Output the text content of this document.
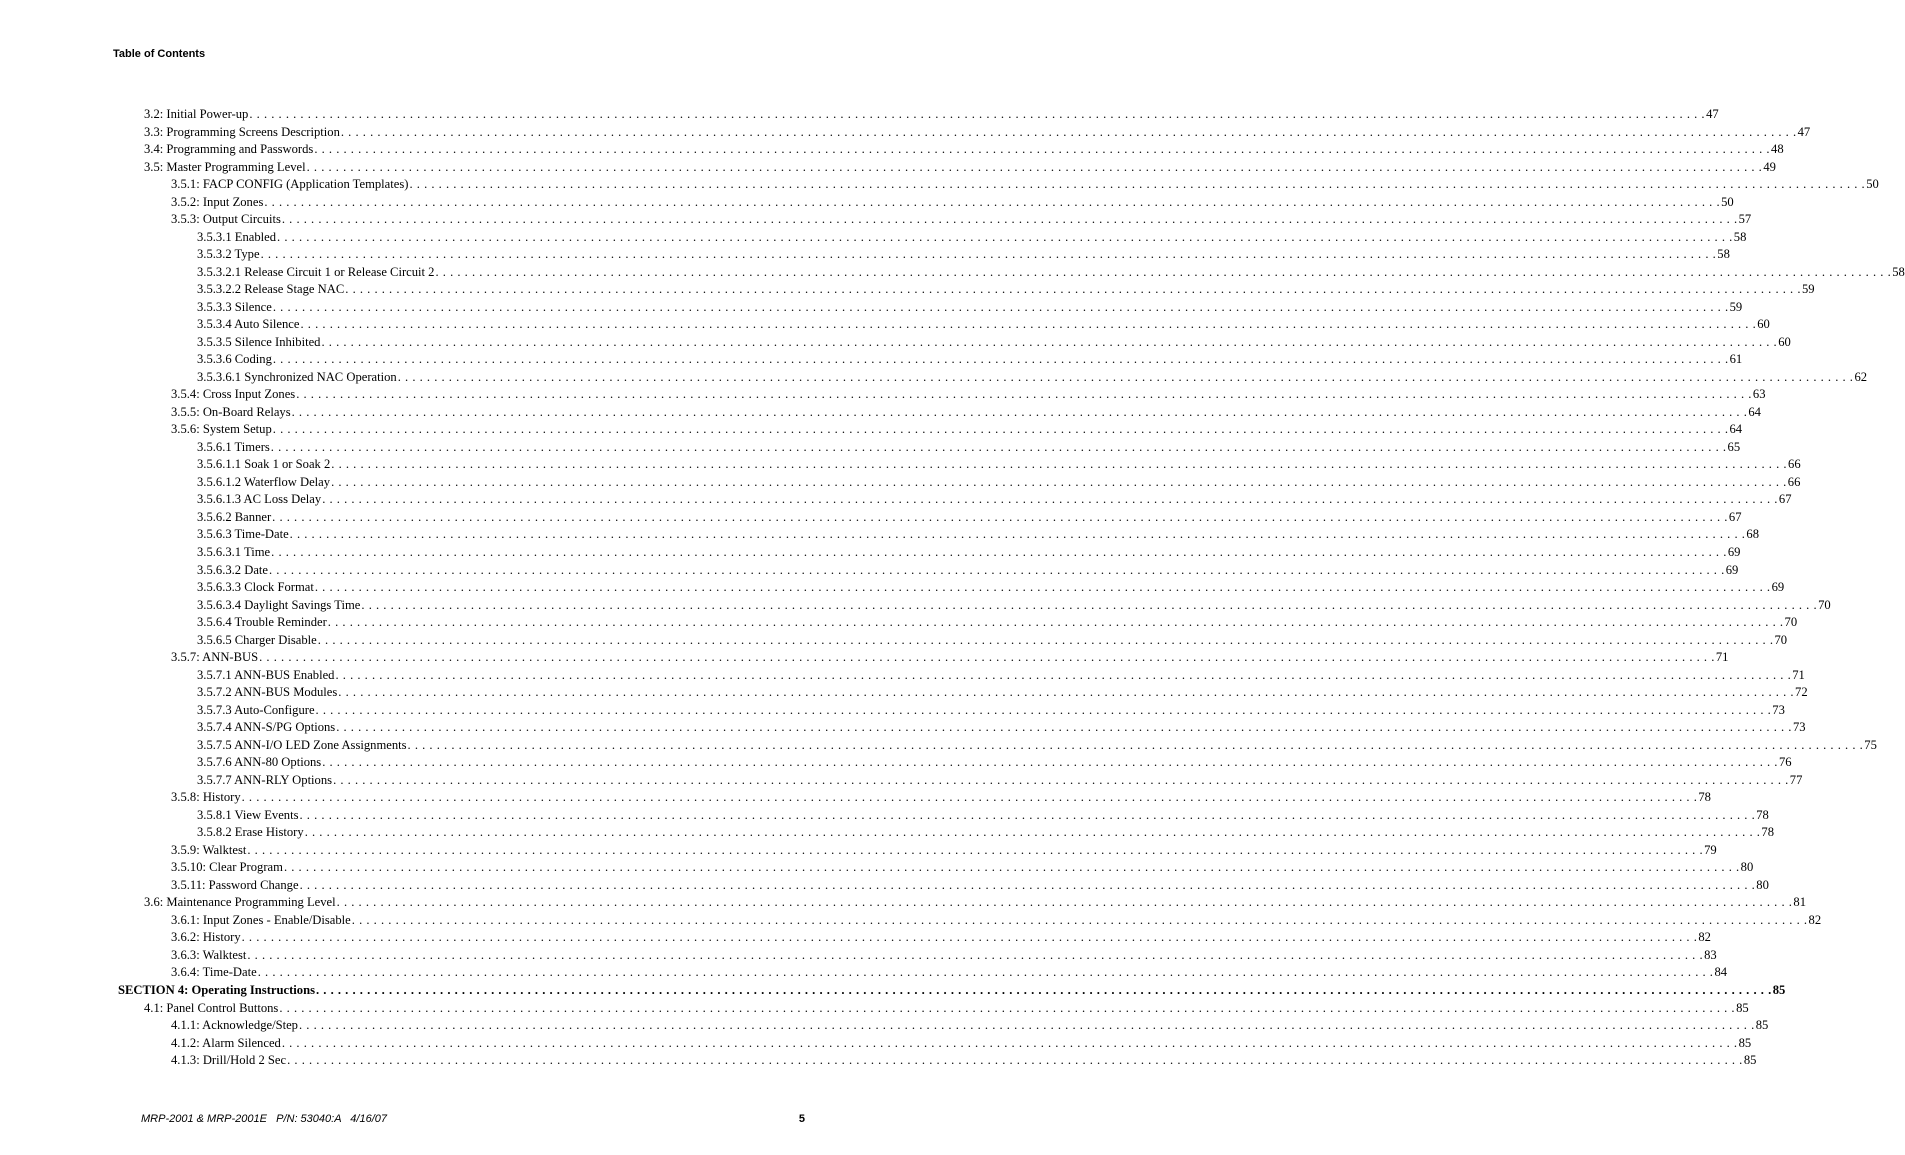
Table of Contents
3.2: Initial Power-up . . . . . . . . . . . . . . . . . . . . . . . . . . . . . . . . . . . . . . . . . . . . . . . . . . . . . . . . . . . . . . . . . . . . . . . . . . . . . . . . . . . . . . . . . . . . . . . . . . . . . . . . . . . . . . . . . . . . . . . . . . . . . . . . . . . . . . . . . . . . . . . . . . . . . . . . . . . . . . . . . . . . . . . . . . . . . . . . . . . . . . . . . . . . . . . . . . . . . . . . 47
3.3: Programming Screens Description . . . . . . . . . . . . . . . . . . . . . . . . . . . . . . . . . . . . . . . . . . . . . . . . . . . . . . . . . . . . . . . . . . . . . . . . . . . . . . . . . . . . . . . . . . . . . . . . . . . . . . . . . . . . . . . . . . . . . . . . . . . . . . . . . . . . . . . . . . . . . . . . . . . . . . . . . . . . . . . . . . . . . . . . . . . . . . . . . . . . . . . . . . . . . . . . . . . . . . . . 47
3.4: Programming and Passwords . . . . . . . . . . . . . . . . . . . . . . . . . . . . . . . . . . . . . . . . . . . . . . . . . . . . . . . . . . . . . . . . . . . . . . . . . . . . . . . . . . . . . . . . . . . . . . . . . . . . . . . . . . . . . . . . . . . . . . . . . . . . . . . . . . . . . . . . . . . . . . . . . . . . . . . . . . . . . . . . . . . . . . . . . . . . . . . . . . . . . . . . . . . . . . . . . . . . . . . . 48
3.5: Master Programming Level . . . . . . . . . . . . . . . . . . . . . . . . . . . . . . . . . . . . . . . . . . . . . . . . . . . . . . . . . . . . . . . . . . . . . . . . . . . . . . . . . . . . . . . . . . . . . . . . . . . . . . . . . . . . . . . . . . . . . . . . . . . . . . . . . . . . . . . . . . . . . . . . . . . . . . . . . . . . . . . . . . . . . . . . . . . . . . . . . . . . . . . . . . . . . . . . . . . . . . . . 49
3.5.1: FACP CONFIG (Application Templates) . . . . . . . . . . . . . . . . . . . . . . . . . . . . . . . . . . . . . . . . . . . . . . . . . . . . . . . . . . . . . . . . . . . . . . . . . . . . . . . . . . . . . . . . . . . . . . . . . . . . . . . . . . . . . . . . . . . . . . . . . . . . . . . . . . . . . . . . . . . . . . . . . . . . . . . . . . . . . . . . . . . . . . . . . . . . . . . . . . . . . . . . . . . . . . . . . . . . . . . . 50
3.5.2: Input Zones . . . . . . . . . . . . . . . . . . . . . . . . . . . . . . . . . . . . . . . . . . . . . . . . . . . . . . . . . . . . . . . . . . . . . . . . . . . . . . . . . . . . . . . . . . . . . . . . . . . . . . . . . . . . . . . . . . . . . . . . . . . . . . . . . . . . . . . . . . . . . . . . . . . . . . . . . . . . . . . . . . . . . . . . . . . . . . . . . . . . . . . . . . . . . . . . . . . . . . . . 50
3.5.3: Output Circuits . . . . . . . . . . . . . . . . . . . . . . . . . . . . . . . . . . . . . . . . . . . . . . . . . . . . . . . . . . . . . . . . . . . . . . . . . . . . . . . . . . . . . . . . . . . . . . . . . . . . . . . . . . . . . . . . . . . . . . . . . . . . . . . . . . . . . . . . . . . . . . . . . . . . . . . . . . . . . . . . . . . . . . . . . . . . . . . . . . . . . . . . . . . . . . . . . . . . . . . . 57
3.5.3.1 Enabled . . . . . . . . . . . . . . . . . . . . . . . . . . . . . . . . . . . . . . . . . . . . . . . . . . . . . . . . . . . . . . . . . . . . . . . . . . . . . . . . . . . . . . . . . . . . . . . . . . . . . . . . . . . . . . . . . . . . . . . . . . . . . . . . . . . . . . . . . . . . . . . . . . . . . . . . . . . . . . . . . . . . . . . . . . . . . . . . . . . . . . . . . . . . . . . . . . . . . . . . 58
3.5.3.2 Type . . . . . . . . . . . . . . . . . . . . . . . . . . . . . . . . . . . . . . . . . . . . . . . . . . . . . . . . . . . . . . . . . . . . . . . . . . . . . . . . . . . . . . . . . . . . . . . . . . . . . . . . . . . . . . . . . . . . . . . . . . . . . . . . . . . . . . . . . . . . . . . . . . . . . . . . . . . . . . . . . . . . . . . . . . . . . . . . . . . . . . . . . . . . . . . . . . . . . . . . 58
3.5.3.2.1 Release Circuit 1 or Release Circuit 2 . . . . . . . . . . . . . . . . . . . . . . . . . . . . . . . . . . . . . . . . . . . . . . . . . . . . . . . . . . . . . . . . . . . . . . . . . . . . . . . . . . . . . . . . . . . . . . . . . . . . . . . . . . . . . . . . . . . . . . . . . . . . . . . . . . . . . . . . . . . . . . . . . . . . . . . . . . . . . . . . . . . . . . . . . . . . . . . . . . . . . . . . . . . . . . . . . . . . . . . . 58
3.5.3.2.2 Release Stage NAC . . . . . . . . . . . . . . . . . . . . . . . . . . . . . . . . . . . . . . . . . . . . . . . . . . . . . . . . . . . . . . . . . . . . . . . . . . . . . . . . . . . . . . . . . . . . . . . . . . . . . . . . . . . . . . . . . . . . . . . . . . . . . . . . . . . . . . . . . . . . . . . . . . . . . . . . . . . . . . . . . . . . . . . . . . . . . . . . . . . . . . . . . . . . . . . . . . . . . . . . 59
3.5.3.3 Silence . . . . . . . . . . . . . . . . . . . . . . . . . . . . . . . . . . . . . . . . . . . . . . . . . . . . . . . . . . . . . . . . . . . . . . . . . . . . . . . . . . . . . . . . . . . . . . . . . . . . . . . . . . . . . . . . . . . . . . . . . . . . . . . . . . . . . . . . . . . . . . . . . . . . . . . . . . . . . . . . . . . . . . . . . . . . . . . . . . . . . . . . . . . . . . . . . . . . . . . . 59
3.5.3.4 Auto Silence . . . . . . . . . . . . . . . . . . . . . . . . . . . . . . . . . . . . . . . . . . . . . . . . . . . . . . . . . . . . . . . . . . . . . . . . . . . . . . . . . . . . . . . . . . . . . . . . . . . . . . . . . . . . . . . . . . . . . . . . . . . . . . . . . . . . . . . . . . . . . . . . . . . . . . . . . . . . . . . . . . . . . . . . . . . . . . . . . . . . . . . . . . . . . . . . . . . . . . . . 60
3.5.3.5 Silence Inhibited . . . . . . . . . . . . . . . . . . . . . . . . . . . . . . . . . . . . . . . . . . . . . . . . . . . . . . . . . . . . . . . . . . . . . . . . . . . . . . . . . . . . . . . . . . . . . . . . . . . . . . . . . . . . . . . . . . . . . . . . . . . . . . . . . . . . . . . . . . . . . . . . . . . . . . . . . . . . . . . . . . . . . . . . . . . . . . . . . . . . . . . . . . . . . . . . . . . . . . . . 60
3.5.3.6 Coding . . . . . . . . . . . . . . . . . . . . . . . . . . . . . . . . . . . . . . . . . . . . . . . . . . . . . . . . . . . . . . . . . . . . . . . . . . . . . . . . . . . . . . . . . . . . . . . . . . . . . . . . . . . . . . . . . . . . . . . . . . . . . . . . . . . . . . . . . . . . . . . . . . . . . . . . . . . . . . . . . . . . . . . . . . . . . . . . . . . . . . . . . . . . . . . . . . . . . . . . 61
3.5.3.6.1 Synchronized NAC Operation . . . . . . . . . . . . . . . . . . . . . . . . . . . . . . . . . . . . . . . . . . . . . . . . . . . . . . . . . . . . . . . . . . . . . . . . . . . . . . . . . . . . . . . . . . . . . . . . . . . . . . . . . . . . . . . . . . . . . . . . . . . . . . . . . . . . . . . . . . . . . . . . . . . . . . . . . . . . . . . . . . . . . . . . . . . . . . . . . . . . . . . . . . . . . . . . . . . . . . . . 62
3.5.4: Cross Input Zones . . . . . . . . . . . . . . . . . . . . . . . . . . . . . . . . . . . . . . . . . . . . . . . . . . . . . . . . . . . . . . . . . . . . . . . . . . . . . . . . . . . . . . . . . . . . . . . . . . . . . . . . . . . . . . . . . . . . . . . . . . . . . . . . . . . . . . . . . . . . . . . . . . . . . . . . . . . . . . . . . . . . . . . . . . . . . . . . . . . . . . . . . . . . . . . . . . . . . . . . 63
3.5.5: On-Board Relays . . . . . . . . . . . . . . . . . . . . . . . . . . . . . . . . . . . . . . . . . . . . . . . . . . . . . . . . . . . . . . . . . . . . . . . . . . . . . . . . . . . . . . . . . . . . . . . . . . . . . . . . . . . . . . . . . . . . . . . . . . . . . . . . . . . . . . . . . . . . . . . . . . . . . . . . . . . . . . . . . . . . . . . . . . . . . . . . . . . . . . . . . . . . . . . . . . . . . . . . 64
3.5.6: System Setup . . . . . . . . . . . . . . . . . . . . . . . . . . . . . . . . . . . . . . . . . . . . . . . . . . . . . . . . . . . . . . . . . . . . . . . . . . . . . . . . . . . . . . . . . . . . . . . . . . . . . . . . . . . . . . . . . . . . . . . . . . . . . . . . . . . . . . . . . . . . . . . . . . . . . . . . . . . . . . . . . . . . . . . . . . . . . . . . . . . . . . . . . . . . . . . . . . . . . . . . 64
3.5.6.1 Timers . . . . . . . . . . . . . . . . . . . . . . . . . . . . . . . . . . . . . . . . . . . . . . . . . . . . . . . . . . . . . . . . . . . . . . . . . . . . . . . . . . . . . . . . . . . . . . . . . . . . . . . . . . . . . . . . . . . . . . . . . . . . . . . . . . . . . . . . . . . . . . . . . . . . . . . . . . . . . . . . . . . . . . . . . . . . . . . . . . . . . . . . . . . . . . . . . . . . . . . . 65
3.5.6.1.1 Soak 1 or Soak 2 . . . . . . . . . . . . . . . . . . . . . . . . . . . . . . . . . . . . . . . . . . . . . . . . . . . . . . . . . . . . . . . . . . . . . . . . . . . . . . . . . . . . . . . . . . . . . . . . . . . . . . . . . . . . . . . . . . . . . . . . . . . . . . . . . . . . . . . . . . . . . . . . . . . . . . . . . . . . . . . . . . . . . . . . . . . . . . . . . . . . . . . . . . . . . . . . . . . . . . . . 66
3.5.6.1.2 Waterflow Delay . . . . . . . . . . . . . . . . . . . . . . . . . . . . . . . . . . . . . . . . . . . . . . . . . . . . . . . . . . . . . . . . . . . . . . . . . . . . . . . . . . . . . . . . . . . . . . . . . . . . . . . . . . . . . . . . . . . . . . . . . . . . . . . . . . . . . . . . . . . . . . . . . . . . . . . . . . . . . . . . . . . . . . . . . . . . . . . . . . . . . . . . . . . . . . . . . . . . . . . . 66
3.5.6.1.3 AC Loss Delay . . . . . . . . . . . . . . . . . . . . . . . . . . . . . . . . . . . . . . . . . . . . . . . . . . . . . . . . . . . . . . . . . . . . . . . . . . . . . . . . . . . . . . . . . . . . . . . . . . . . . . . . . . . . . . . . . . . . . . . . . . . . . . . . . . . . . . . . . . . . . . . . . . . . . . . . . . . . . . . . . . . . . . . . . . . . . . . . . . . . . . . . . . . . . . . . . . . . . . . . 67
3.5.6.2 Banner . . . . . . . . . . . . . . . . . . . . . . . . . . . . . . . . . . . . . . . . . . . . . . . . . . . . . . . . . . . . . . . . . . . . . . . . . . . . . . . . . . . . . . . . . . . . . . . . . . . . . . . . . . . . . . . . . . . . . . . . . . . . . . . . . . . . . . . . . . . . . . . . . . . . . . . . . . . . . . . . . . . . . . . . . . . . . . . . . . . . . . . . . . . . . . . . . . . . . . . . 67
3.5.6.3 Time-Date . . . . . . . . . . . . . . . . . . . . . . . . . . . . . . . . . . . . . . . . . . . . . . . . . . . . . . . . . . . . . . . . . . . . . . . . . . . . . . . . . . . . . . . . . . . . . . . . . . . . . . . . . . . . . . . . . . . . . . . . . . . . . . . . . . . . . . . . . . . . . . . . . . . . . . . . . . . . . . . . . . . . . . . . . . . . . . . . . . . . . . . . . . . . . . . . . . . . . . . . 68
3.5.6.3.1 Time . . . . . . . . . . . . . . . . . . . . . . . . . . . . . . . . . . . . . . . . . . . . . . . . . . . . . . . . . . . . . . . . . . . . . . . . . . . . . . . . . . . . . . . . . . . . . . . . . . . . . . . . . . . . . . . . . . . . . . . . . . . . . . . . . . . . . . . . . . . . . . . . . . . . . . . . . . . . . . . . . . . . . . . . . . . . . . . . . . . . . . . . . . . . . . . . . . . . . . . . 69
3.5.6.3.2 Date . . . . . . . . . . . . . . . . . . . . . . . . . . . . . . . . . . . . . . . . . . . . . . . . . . . . . . . . . . . . . . . . . . . . . . . . . . . . . . . . . . . . . . . . . . . . . . . . . . . . . . . . . . . . . . . . . . . . . . . . . . . . . . . . . . . . . . . . . . . . . . . . . . . . . . . . . . . . . . . . . . . . . . . . . . . . . . . . . . . . . . . . . . . . . . . . . . . . . . . . 69
3.5.6.3.3 Clock Format . . . . . . . . . . . . . . . . . . . . . . . . . . . . . . . . . . . . . . . . . . . . . . . . . . . . . . . . . . . . . . . . . . . . . . . . . . . . . . . . . . . . . . . . . . . . . . . . . . . . . . . . . . . . . . . . . . . . . . . . . . . . . . . . . . . . . . . . . . . . . . . . . . . . . . . . . . . . . . . . . . . . . . . . . . . . . . . . . . . . . . . . . . . . . . . . . . . . . . . . 69
3.5.6.3.4 Daylight Savings Time . . . . . . . . . . . . . . . . . . . . . . . . . . . . . . . . . . . . . . . . . . . . . . . . . . . . . . . . . . . . . . . . . . . . . . . . . . . . . . . . . . . . . . . . . . . . . . . . . . . . . . . . . . . . . . . . . . . . . . . . . . . . . . . . . . . . . . . . . . . . . . . . . . . . . . . . . . . . . . . . . . . . . . . . . . . . . . . . . . . . . . . . . . . . . . . . . . . . . . . . 70
3.5.6.4 Trouble Reminder . . . . . . . . . . . . . . . . . . . . . . . . . . . . . . . . . . . . . . . . . . . . . . . . . . . . . . . . . . . . . . . . . . . . . . . . . . . . . . . . . . . . . . . . . . . . . . . . . . . . . . . . . . . . . . . . . . . . . . . . . . . . . . . . . . . . . . . . . . . . . . . . . . . . . . . . . . . . . . . . . . . . . . . . . . . . . . . . . . . . . . . . . . . . . . . . . . . . . . . . 70
3.5.6.5 Charger Disable . . . . . . . . . . . . . . . . . . . . . . . . . . . . . . . . . . . . . . . . . . . . . . . . . . . . . . . . . . . . . . . . . . . . . . . . . . . . . . . . . . . . . . . . . . . . . . . . . . . . . . . . . . . . . . . . . . . . . . . . . . . . . . . . . . . . . . . . . . . . . . . . . . . . . . . . . . . . . . . . . . . . . . . . . . . . . . . . . . . . . . . . . . . . . . . . . . . . . . . . 70
3.5.7: ANN-BUS . . . . . . . . . . . . . . . . . . . . . . . . . . . . . . . . . . . . . . . . . . . . . . . . . . . . . . . . . . . . . . . . . . . . . . . . . . . . . . . . . . . . . . . . . . . . . . . . . . . . . . . . . . . . . . . . . . . . . . . . . . . . . . . . . . . . . . . . . . . . . . . . . . . . . . . . . . . . . . . . . . . . . . . . . . . . . . . . . . . . . . . . . . . . . . . . . . . . . . . . 71
3.5.7.1 ANN-BUS Enabled . . . . . . . . . . . . . . . . . . . . . . . . . . . . . . . . . . . . . . . . . . . . . . . . . . . . . . . . . . . . . . . . . . . . . . . . . . . . . . . . . . . . . . . . . . . . . . . . . . . . . . . . . . . . . . . . . . . . . . . . . . . . . . . . . . . . . . . . . . . . . . . . . . . . . . . . . . . . . . . . . . . . . . . . . . . . . . . . . . . . . . . . . . . . . . . . . . . . . . . . 71
3.5.7.2 ANN-BUS Modules . . . . . . . . . . . . . . . . . . . . . . . . . . . . . . . . . . . . . . . . . . . . . . . . . . . . . . . . . . . . . . . . . . . . . . . . . . . . . . . . . . . . . . . . . . . . . . . . . . . . . . . . . . . . . . . . . . . . . . . . . . . . . . . . . . . . . . . . . . . . . . . . . . . . . . . . . . . . . . . . . . . . . . . . . . . . . . . . . . . . . . . . . . . . . . . . . . . . . . . . 72
3.5.7.3 Auto-Configure . . . . . . . . . . . . . . . . . . . . . . . . . . . . . . . . . . . . . . . . . . . . . . . . . . . . . . . . . . . . . . . . . . . . . . . . . . . . . . . . . . . . . . . . . . . . . . . . . . . . . . . . . . . . . . . . . . . . . . . . . . . . . . . . . . . . . . . . . . . . . . . . . . . . . . . . . . . . . . . . . . . . . . . . . . . . . . . . . . . . . . . . . . . . . . . . . . . . . . . . 73
3.5.7.4 ANN-S/PG Options . . . . . . . . . . . . . . . . . . . . . . . . . . . . . . . . . . . . . . . . . . . . . . . . . . . . . . . . . . . . . . . . . . . . . . . . . . . . . . . . . . . . . . . . . . . . . . . . . . . . . . . . . . . . . . . . . . . . . . . . . . . . . . . . . . . . . . . . . . . . . . . . . . . . . . . . . . . . . . . . . . . . . . . . . . . . . . . . . . . . . . . . . . . . . . . . . . . . . . . . 73
3.5.7.5 ANN-I/O LED Zone Assignments . . . . . . . . . . . . . . . . . . . . . . . . . . . . . . . . . . . . . . . . . . . . . . . . . . . . . . . . . . . . . . . . . . . . . . . . . . . . . . . . . . . . . . . . . . . . . . . . . . . . . . . . . . . . . . . . . . . . . . . . . . . . . . . . . . . . . . . . . . . . . . . . . . . . . . . . . . . . . . . . . . . . . . . . . . . . . . . . . . . . . . . . . . . . . . . . . . . . . . . . 75
3.5.7.6 ANN-80 Options . . . . . . . . . . . . . . . . . . . . . . . . . . . . . . . . . . . . . . . . . . . . . . . . . . . . . . . . . . . . . . . . . . . . . . . . . . . . . . . . . . . . . . . . . . . . . . . . . . . . . . . . . . . . . . . . . . . . . . . . . . . . . . . . . . . . . . . . . . . . . . . . . . . . . . . . . . . . . . . . . . . . . . . . . . . . . . . . . . . . . . . . . . . . . . . . . . . . . . . . 76
3.5.7.7 ANN-RLY Options . . . . . . . . . . . . . . . . . . . . . . . . . . . . . . . . . . . . . . . . . . . . . . . . . . . . . . . . . . . . . . . . . . . . . . . . . . . . . . . . . . . . . . . . . . . . . . . . . . . . . . . . . . . . . . . . . . . . . . . . . . . . . . . . . . . . . . . . . . . . . . . . . . . . . . . . . . . . . . . . . . . . . . . . . . . . . . . . . . . . . . . . . . . . . . . . . . . . . . . . 77
3.5.8: History . . . . . . . . . . . . . . . . . . . . . . . . . . . . . . . . . . . . . . . . . . . . . . . . . . . . . . . . . . . . . . . . . . . . . . . . . . . . . . . . . . . . . . . . . . . . . . . . . . . . . . . . . . . . . . . . . . . . . . . . . . . . . . . . . . . . . . . . . . . . . . . . . . . . . . . . . . . . . . . . . . . . . . . . . . . . . . . . . . . . . . . . . . . . . . . . . . . . . . . . 78
3.5.8.1 View Events . . . . . . . . . . . . . . . . . . . . . . . . . . . . . . . . . . . . . . . . . . . . . . . . . . . . . . . . . . . . . . . . . . . . . . . . . . . . . . . . . . . . . . . . . . . . . . . . . . . . . . . . . . . . . . . . . . . . . . . . . . . . . . . . . . . . . . . . . . . . . . . . . . . . . . . . . . . . . . . . . . . . . . . . . . . . . . . . . . . . . . . . . . . . . . . . . . . . . . . . 78
3.5.8.2 Erase History . . . . . . . . . . . . . . . . . . . . . . . . . . . . . . . . . . . . . . . . . . . . . . . . . . . . . . . . . . . . . . . . . . . . . . . . . . . . . . . . . . . . . . . . . . . . . . . . . . . . . . . . . . . . . . . . . . . . . . . . . . . . . . . . . . . . . . . . . . . . . . . . . . . . . . . . . . . . . . . . . . . . . . . . . . . . . . . . . . . . . . . . . . . . . . . . . . . . . . . . 78
3.5.9: Walktest . . . . . . . . . . . . . . . . . . . . . . . . . . . . . . . . . . . . . . . . . . . . . . . . . . . . . . . . . . . . . . . . . . . . . . . . . . . . . . . . . . . . . . . . . . . . . . . . . . . . . . . . . . . . . . . . . . . . . . . . . . . . . . . . . . . . . . . . . . . . . . . . . . . . . . . . . . . . . . . . . . . . . . . . . . . . . . . . . . . . . . . . . . . . . . . . . . . . . . . . 79
3.5.10: Clear Program . . . . . . . . . . . . . . . . . . . . . . . . . . . . . . . . . . . . . . . . . . . . . . . . . . . . . . . . . . . . . . . . . . . . . . . . . . . . . . . . . . . . . . . . . . . . . . . . . . . . . . . . . . . . . . . . . . . . . . . . . . . . . . . . . . . . . . . . . . . . . . . . . . . . . . . . . . . . . . . . . . . . . . . . . . . . . . . . . . . . . . . . . . . . . . . . . . . . . . . . 80
3.5.11: Password Change . . . . . . . . . . . . . . . . . . . . . . . . . . . . . . . . . . . . . . . . . . . . . . . . . . . . . . . . . . . . . . . . . . . . . . . . . . . . . . . . . . . . . . . . . . . . . . . . . . . . . . . . . . . . . . . . . . . . . . . . . . . . . . . . . . . . . . . . . . . . . . . . . . . . . . . . . . . . . . . . . . . . . . . . . . . . . . . . . . . . . . . . . . . . . . . . . . . . . . . . 80
3.6: Maintenance Programming Level . . . . . . . . . . . . . . . . . . . . . . . . . . . . . . . . . . . . . . . . . . . . . . . . . . . . . . . . . . . . . . . . . . . . . . . . . . . . . . . . . . . . . . . . . . . . . . . . . . . . . . . . . . . . . . . . . . . . . . . . . . . . . . . . . . . . . . . . . . . . . . . . . . . . . . . . . . . . . . . . . . . . . . . . . . . . . . . . . . . . . . . . . . . . . . . . . . . . . . . . 81
3.6.1: Input Zones - Enable/Disable . . . . . . . . . . . . . . . . . . . . . . . . . . . . . . . . . . . . . . . . . . . . . . . . . . . . . . . . . . . . . . . . . . . . . . . . . . . . . . . . . . . . . . . . . . . . . . . . . . . . . . . . . . . . . . . . . . . . . . . . . . . . . . . . . . . . . . . . . . . . . . . . . . . . . . . . . . . . . . . . . . . . . . . . . . . . . . . . . . . . . . . . . . . . . . . . . . . . . . . . 82
3.6.2: History . . . . . . . . . . . . . . . . . . . . . . . . . . . . . . . . . . . . . . . . . . . . . . . . . . . . . . . . . . . . . . . . . . . . . . . . . . . . . . . . . . . . . . . . . . . . . . . . . . . . . . . . . . . . . . . . . . . . . . . . . . . . . . . . . . . . . . . . . . . . . . . . . . . . . . . . . . . . . . . . . . . . . . . . . . . . . . . . . . . . . . . . . . . . . . . . . . . . . . . . 82
3.6.3: Walktest . . . . . . . . . . . . . . . . . . . . . . . . . . . . . . . . . . . . . . . . . . . . . . . . . . . . . . . . . . . . . . . . . . . . . . . . . . . . . . . . . . . . . . . . . . . . . . . . . . . . . . . . . . . . . . . . . . . . . . . . . . . . . . . . . . . . . . . . . . . . . . . . . . . . . . . . . . . . . . . . . . . . . . . . . . . . . . . . . . . . . . . . . . . . . . . . . . . . . . . . 83
3.6.4: Time-Date . . . . . . . . . . . . . . . . . . . . . . . . . . . . . . . . . . . . . . . . . . . . . . . . . . . . . . . . . . . . . . . . . . . . . . . . . . . . . . . . . . . . . . . . . . . . . . . . . . . . . . . . . . . . . . . . . . . . . . . . . . . . . . . . . . . . . . . . . . . . . . . . . . . . . . . . . . . . . . . . . . . . . . . . . . . . . . . . . . . . . . . . . . . . . . . . . . . . . . . . 84
SECTION 4: Operating Instructions . . . . . . . . . . . . . . . . . . . . . . . . . . . . . . . . . . . . . . . . . . . . . . . . . . . . . . . . . . . . . . . . . . . . . . . . . . . . . . . . . . . . . . . . . . . . . . . . . . . . . . . . . . . . . . . . . . . . . . . . . . . . . . . . . . . . . . . . . . . . . . . . . . . . . . . . . . . . . . . . . . . . . . . . . . . . . . . . . . . . . . . . . . . . . . . . . . . . . . . . 85
4.1: Panel Control Buttons . . . . . . . . . . . . . . . . . . . . . . . . . . . . . . . . . . . . . . . . . . . . . . . . . . . . . . . . . . . . . . . . . . . . . . . . . . . . . . . . . . . . . . . . . . . . . . . . . . . . . . . . . . . . . . . . . . . . . . . . . . . . . . . . . . . . . . . . . . . . . . . . . . . . . . . . . . . . . . . . . . . . . . . . . . . . . . . . . . . . . . . . . . . . . . . . . . . . . . . . 85
4.1.1: Acknowledge/Step . . . . . . . . . . . . . . . . . . . . . . . . . . . . . . . . . . . . . . . . . . . . . . . . . . . . . . . . . . . . . . . . . . . . . . . . . . . . . . . . . . . . . . . . . . . . . . . . . . . . . . . . . . . . . . . . . . . . . . . . . . . . . . . . . . . . . . . . . . . . . . . . . . . . . . . . . . . . . . . . . . . . . . . . . . . . . . . . . . . . . . . . . . . . . . . . . . . . . . . . 85
4.1.2: Alarm Silenced . . . . . . . . . . . . . . . . . . . . . . . . . . . . . . . . . . . . . . . . . . . . . . . . . . . . . . . . . . . . . . . . . . . . . . . . . . . . . . . . . . . . . . . . . . . . . . . . . . . . . . . . . . . . . . . . . . . . . . . . . . . . . . . . . . . . . . . . . . . . . . . . . . . . . . . . . . . . . . . . . . . . . . . . . . . . . . . . . . . . . . . . . . . . . . . . . . . . . . . . 85
4.1.3: Drill/Hold 2 Sec . . . . . . . . . . . . . . . . . . . . . . . . . . . . . . . . . . . . . . . . . . . . . . . . . . . . . . . . . . . . . . . . . . . . . . . . . . . . . . . . . . . . . . . . . . . . . . . . . . . . . . . . . . . . . . . . . . . . . . . . . . . . . . . . . . . . . . . . . . . . . . . . . . . . . . . . . . . . . . . . . . . . . . . . . . . . . . . . . . . . . . . . . . . . . . . . . . . . . . . . 85
MRP-2001 & MRP-2001E   P/N: 53040:A   4/16/07	5
